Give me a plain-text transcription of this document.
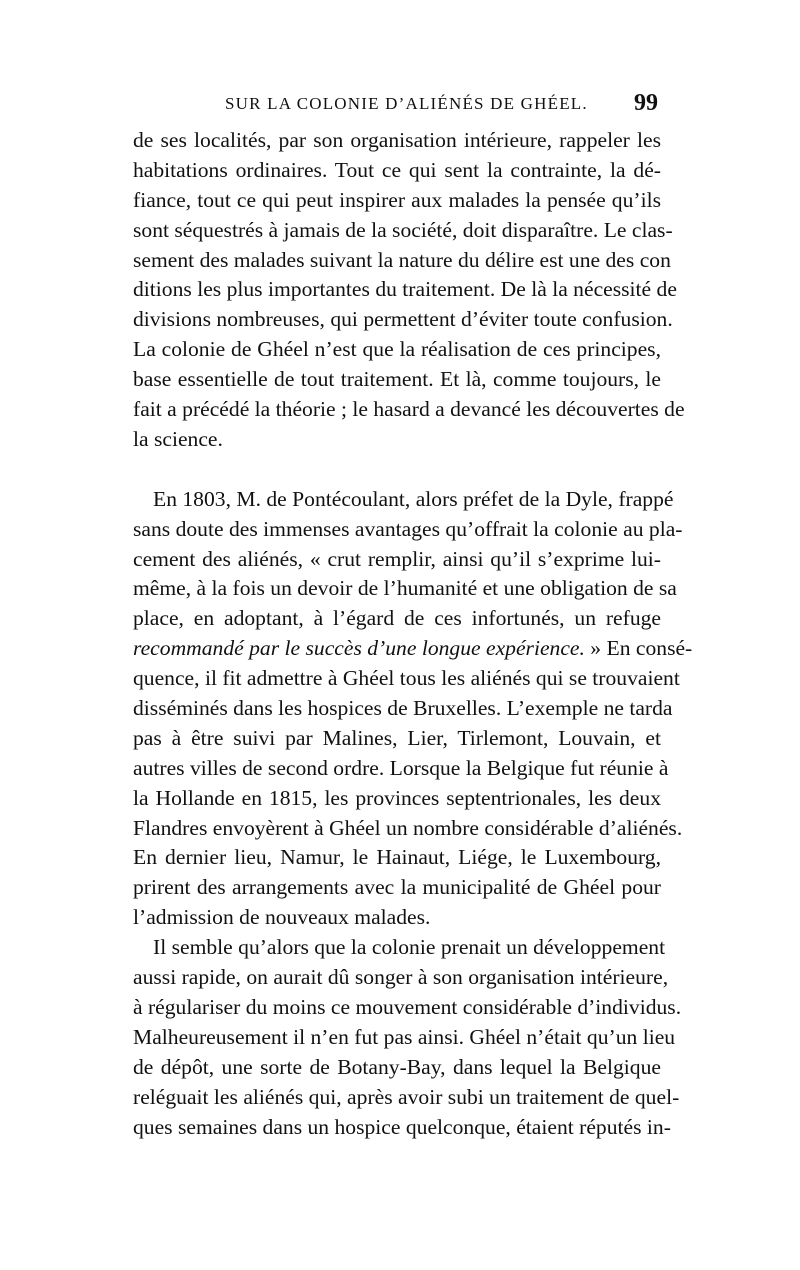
SUR LA COLONIE D’ALIÉNÉS DE GHÉEL. 99
de ses localités, par son organisation intérieure, rappeler les
habitations ordinaires. Tout ce qui sent la contrainte, la dé-
fiance, tout ce qui peut inspirer aux malades la pensée qu’ils
sont séquestrés à jamais de la société, doit disparaître. Le clas-
sement des malades suivant la nature du délire est une des con
ditions les plus importantes du traitement. De là la nécessité de
divisions nombreuses, qui permettent d’éviter toute confusion.
La colonie de Ghéel n’est que la réalisation de ces principes,
base essentielle de tout traitement. Et là, comme toujours, le
fait a précédé la théorie ; le hasard a devancé les découvertes de
la science.
En 1803, M. de Pontécoulant, alors préfet de la Dyle, frappé
sans doute des immenses avantages qu’offrait la colonie au pla-
cement des aliénés, « crut remplir, ainsi qu’il s’exprime lui-
même, à la fois un devoir de l’humanité et une obligation de sa
place, en adoptant, à l’égard de ces infortunés, un refuge
recommandé par le succès d’une longue expérience. » En consé-
quence, il fit admettre à Ghéel tous les aliénés qui se trouvaient
disséminés dans les hospices de Bruxelles. L’exemple ne tarda
pas à être suivi par Malines, Lier, Tirlemont, Louvain, et
autres villes de second ordre. Lorsque la Belgique fut réunie à
la Hollande en 1815, les provinces septentrionales, les deux
Flandres envoyèrent à Ghéel un nombre considérable d’aliénés.
En dernier lieu, Namur, le Hainaut, Liége, le Luxembourg,
prirent des arrangements avec la municipalité de Ghéel pour
l’admission de nouveaux malades.
Il semble qu’alors que la colonie prenait un développement
aussi rapide, on aurait dû songer à son organisation intérieure,
à régulariser du moins ce mouvement considérable d’individus.
Malheureusement il n’en fut pas ainsi. Ghéel n’était qu’un lieu
de dépôt, une sorte de Botany-Bay, dans lequel la Belgique
reléguait les aliénés qui, après avoir subi un traitement de quel-
ques semaines dans un hospice quelconque, étaient réputés in-
